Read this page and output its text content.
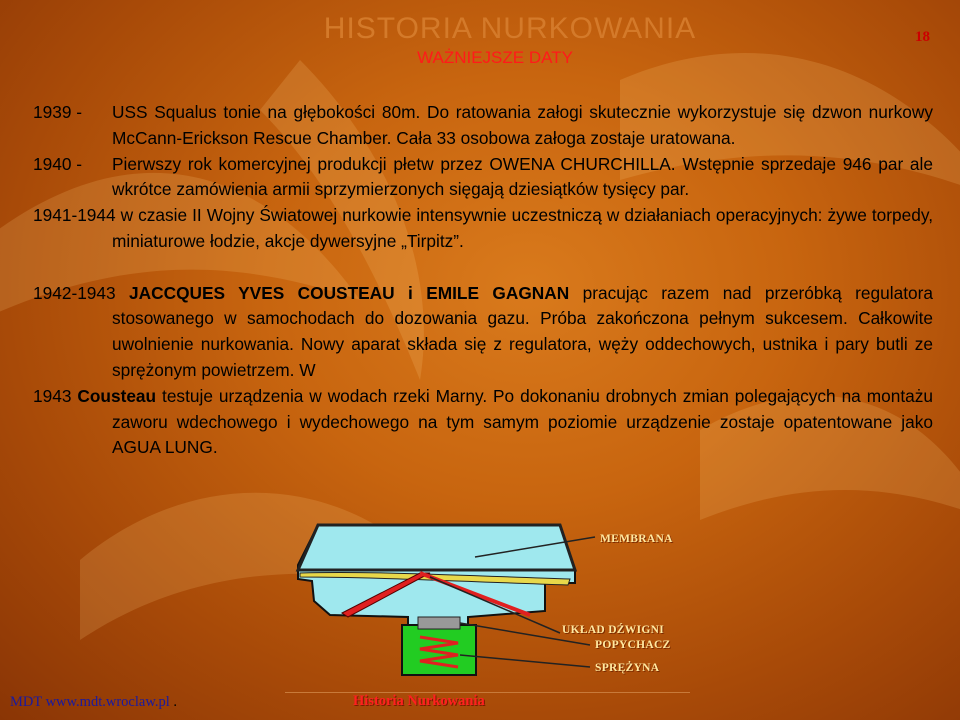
HISTORIA NURKOWANIA
WAŻNIEJSZE DATY
18
1939 -	USS Squalus tonie na głębokości 80m. Do ratowania załogi skutecznie wykorzystuje się dzwon nurkowy McCann-Erickson Rescue Chamber. Cała 33 osobowa załoga zostaje uratowana.
1940 -	Pierwszy rok komercyjnej produkcji płetw przez OWENA CHURCHILLA. Wstępnie sprzedaje 946 par ale wkrótce zamówienia armii sprzymierzonych sięgają dziesiątków tysięcy par.
1941-1944 w czasie II Wojny Światowej nurkowie intensywnie uczestniczą w działaniach operacyjnych: żywe torpedy, miniaturowe łodzie, akcje dywersyjne „Tirpitz”.
1942-1943 JACCQUES YVES COUSTEAU i EMILE GAGNAN pracując razem nad przeróbką regulatora stosowanego w samochodach do dozowania gazu. Próba zakończona pełnym sukcesem. Całkowite uwolnienie nurkowania. Nowy aparat składa się z regulatora, węży oddechowych, ustnika i pary butli ze sprężonym powietrzem. W
1943 Cousteau testuje urządzenia w wodach rzeki Marny. Po dokonaniu drobnych zmian polegających na montażu zaworu wdechowego i wydechowego na tym samym poziomie urządzenie zostaje opatentowane jako AGUA LUNG.
MEMBRANA
UKŁAD DŹWIGNI
POPYCHACZ
SPRĘŻYNA
MDT www.mdt.wroclaw.pl .	Historia Nurkowania
